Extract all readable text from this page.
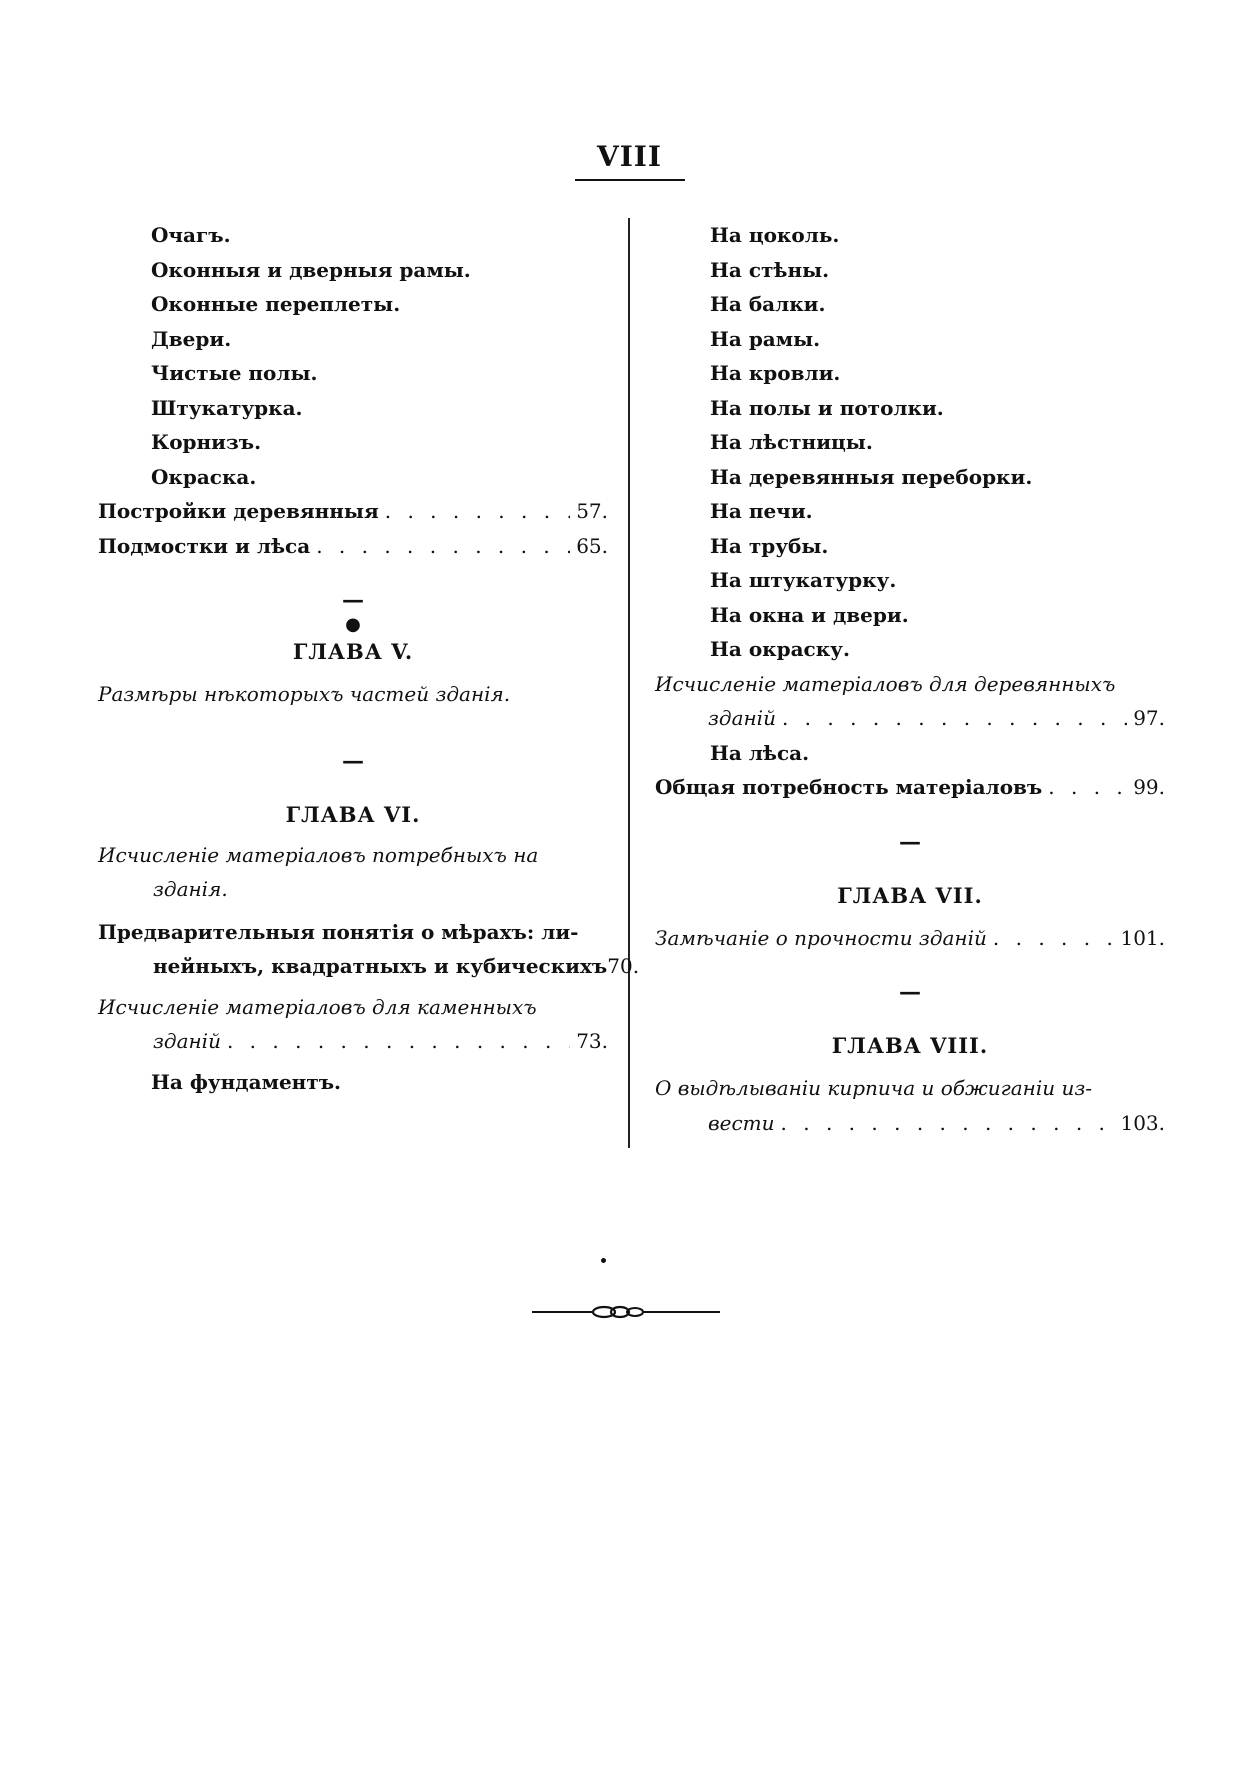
VIII
Очагъ.
Оконныя и дверныя рамы.
Оконные переплеты.
Двери.
Чистые полы.
Штукатурка.
Корнизъ.
Окраска.
Постройки деревянныя . . .	57.
Подмостки и лѣса . . .	65.
—
●
ГЛАВА V.
Размѣры нѣкоторыхъ частей зданія.
—
ГЛАВА VI.
Исчисленіе матеріаловъ потребныхъ на
зданія.
Предварительныя понятія о мѣрахъ: ли-
нейныхъ, квадратныхъ и кубическихъ 70.
Исчисленіе матеріаловъ для каменныхъ
зданій . . .	73.
На фундаментъ.
На цоколь.
На стѣны.
На балки.
На рамы.
На кровли.
На полы и потолки.
На лѣстницы.
На деревянныя переборки.
На печи.
На трубы.
На штукатурку.
На окна и двери.
На окраску.
Исчисленіе матеріаловъ для деревянныхъ
зданій . . .	97.
На лѣса.
Общая потребность матеріаловъ . . .	99.
—
ГЛАВА VII.
Замѣчаніе о прочности зданій . . .	101.
—
ГЛАВА VIII.
О выдѣлываніи кирпича и обжиганіи из-
вести . . .	103.
